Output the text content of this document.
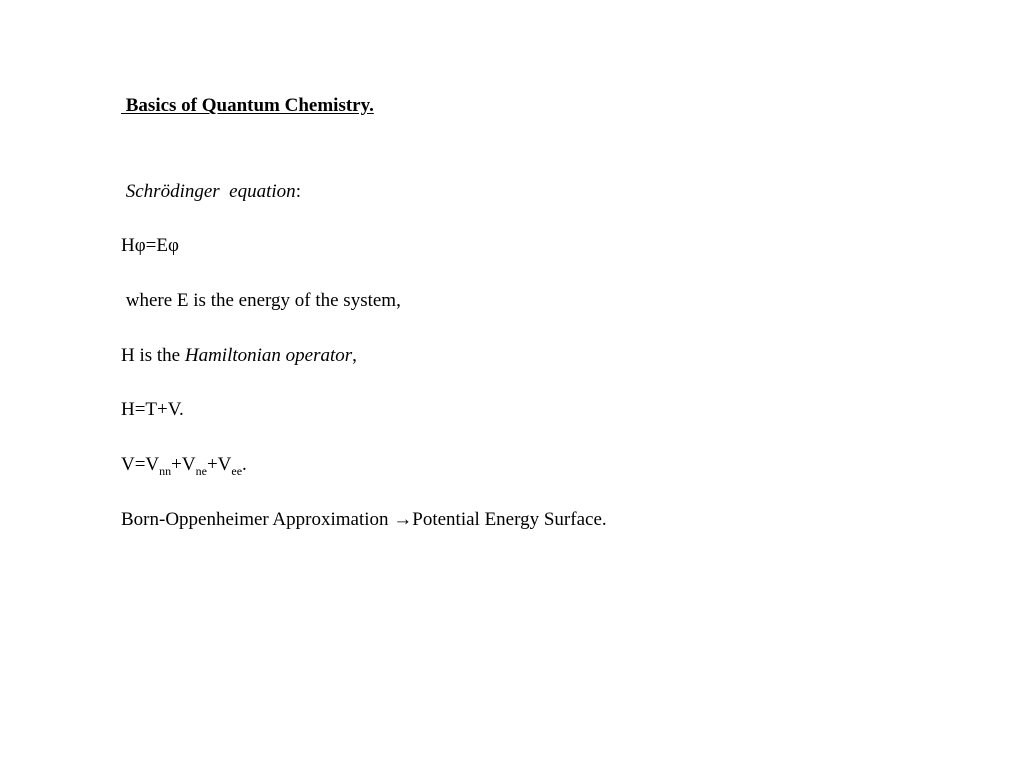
Basics of Quantum Chemistry.
Schrödinger  equation:
Hφ=Eφ
where E is the energy of the system,
H is the Hamiltonian operator,
H=T+V.
$V=V_{nn}+V_{ne}+V_{ee}$.
Born-Oppenheimer Approximation →Potential Energy Surface.
